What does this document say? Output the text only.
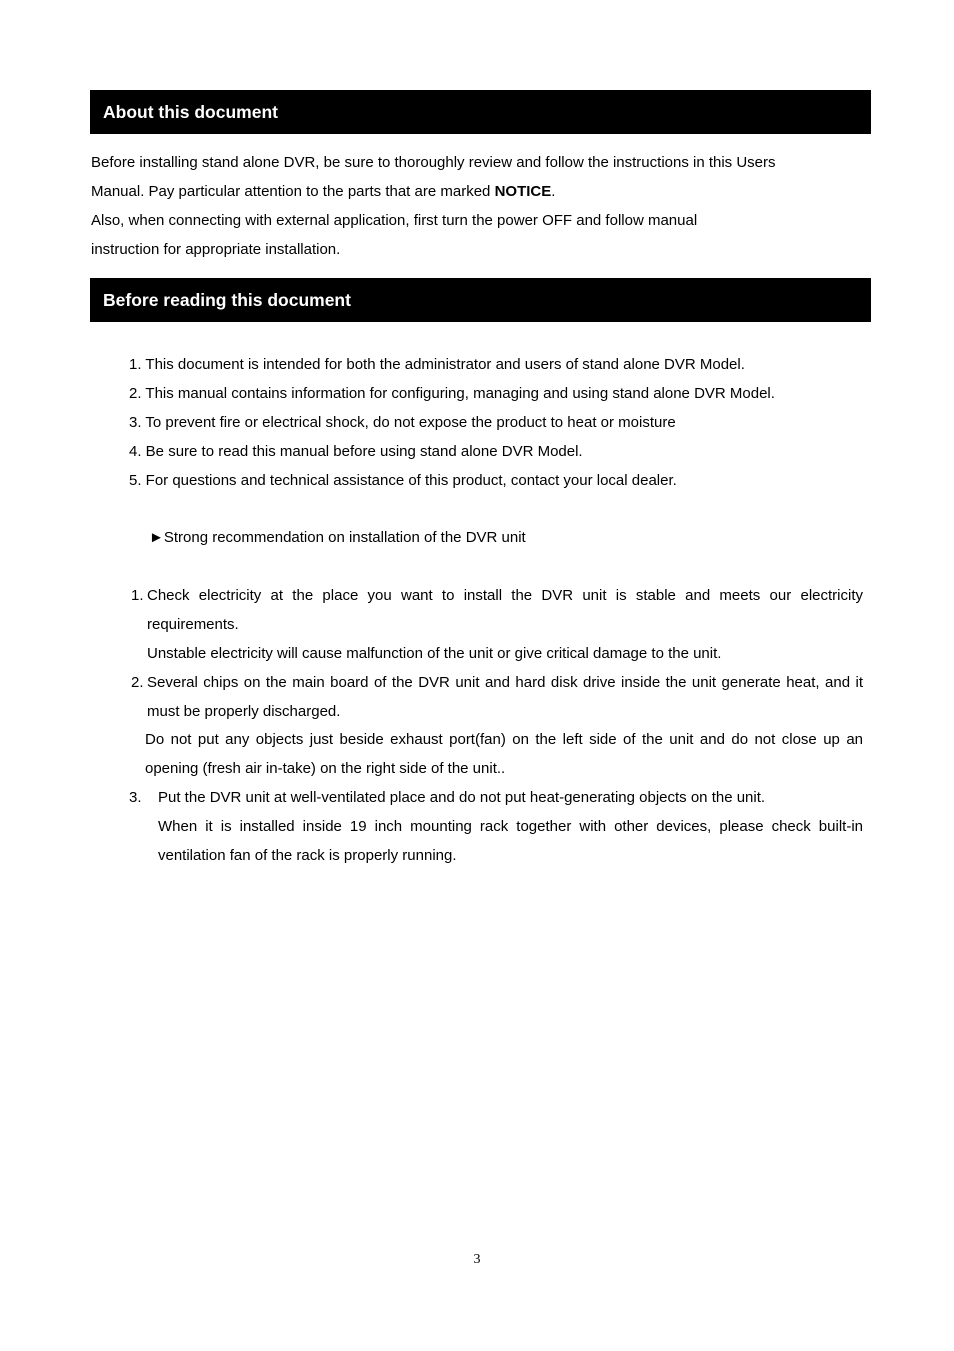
About this document
Before installing stand alone DVR, be sure to thoroughly review and follow the instructions in this Users
Manual. Pay particular attention to the parts that are marked NOTICE.
Also, when connecting with external application, first turn the power OFF and follow manual
instruction for appropriate installation.
Before reading this document
1. This document is intended for both the administrator and users of stand alone DVR Model.
2. This manual contains information for configuring, managing and using stand alone DVR Model.
3. To prevent fire or electrical shock, do not expose the product to heat or moisture
4. Be sure to read this manual before using stand alone DVR Model.
5. For questions and technical assistance of this product, contact your local dealer.
►Strong recommendation on installation of the DVR unit
1. Check electricity at the place you want to install the DVR unit is stable and meets our electricity requirements.
Unstable electricity will cause malfunction of the unit or give critical damage to the unit.
2. Several chips on the main board of the DVR unit and hard disk drive inside the unit generate heat, and it must be properly discharged.
Do not put any objects just beside exhaust port(fan) on the left side of the unit and do not close up an opening (fresh air in-take) on the right side of the unit..
3. Put the DVR unit at well-ventilated place and do not put heat-generating objects on the unit.
When it is installed inside 19 inch mounting rack together with other devices, please check built-in ventilation fan of the rack is properly running.
3
